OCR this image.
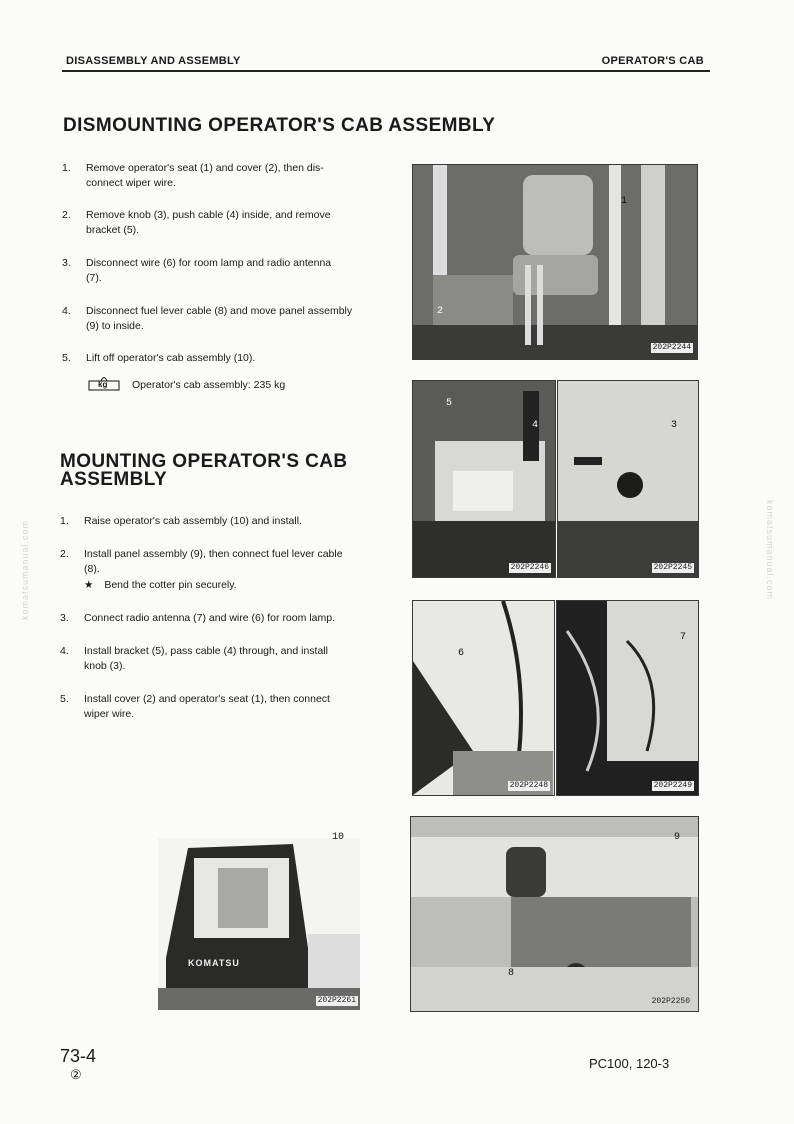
DISASSEMBLY AND ASSEMBLY	OPERATOR'S CAB
komatsumanual.com	komatsumanual.com
DISMOUNTING OPERATOR'S CAB ASSEMBLY
1.	Remove operator's seat (1) and cover (2), then dis-
connect wiper wire.
2.	Remove knob (3), push cable (4) inside, and remove
bracket (5).
3.	Disconnect wire (6) for room lamp and radio antenna
(7).
4.	Disconnect fuel lever cable (8) and move panel assembly
(9) to inside.
5.	Lift off operator's cab assembly (10).
kg Operator's cab assembly: 235 kg
MOUNTING OPERATOR'S CAB
ASSEMBLY
1.	Raise operator's cab assembly (10) and install.
2.	Install panel assembly (9), then connect fuel lever cable
(8).
★ Bend the cotter pin securely.
3.	Connect radio antenna (7) and wire (6) for room lamp.
4.	Install bracket (5), pass cable (4) through, and install
knob (3).
5.	Install cover (2) and operator's seat (1), then connect
wiper wire.
202P2244
1
2
202P2246
5
4
202P2245
3
202P2248
6
202P2249
7
KOMATSU
202P2261
10
202P2250
9
8
73-4
②
PC100, 120-3
